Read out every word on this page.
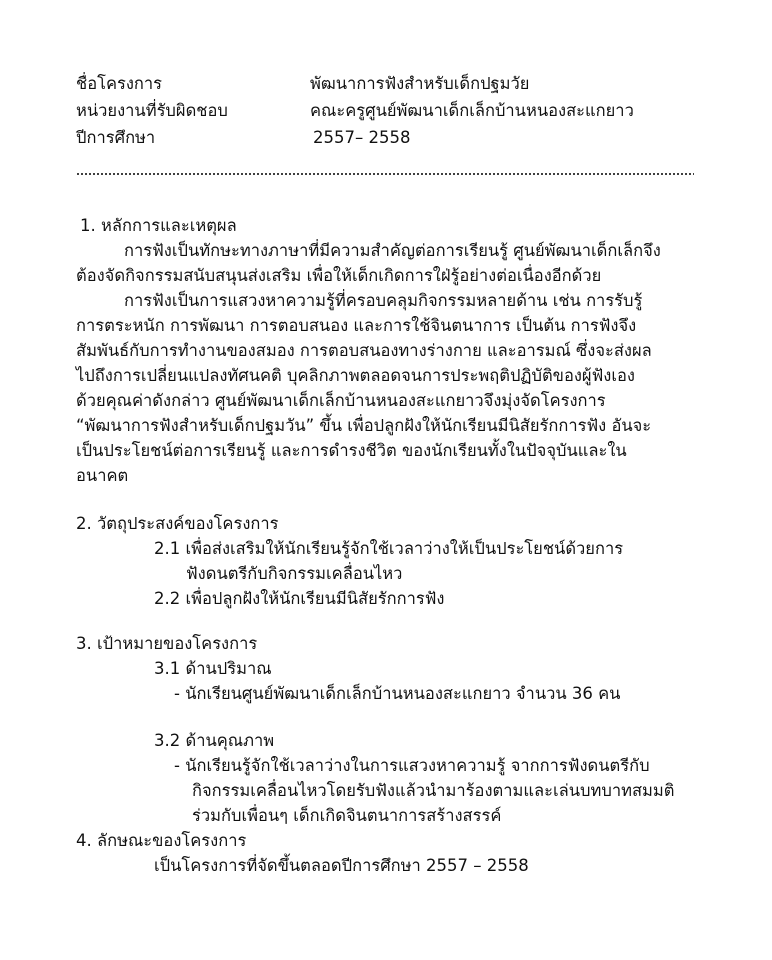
ชื่อโครงการ	พัฒนาการฟังสำหรับเด็กปฐมวัย
หน่วยงานที่รับผิดชอบ	คณะครูศูนย์พัฒนาเด็กเล็กบ้านหนองสะแกยาว
ปีการศึกษา	2557– 2558
1. หลักการและเหตุผล
การฟังเป็นทักษะทางภาษาที่มีความสำคัญต่อการเรียนรู้ ศูนย์พัฒนาเด็กเล็กจึง
ต้องจัดกิจกรรมสนับสนุนส่งเสริม เพื่อให้เด็กเกิดการใฝ่รู้อย่างต่อเนื่องอีกด้วย
การฟังเป็นการแสวงหาความรู้ที่ครอบคลุมกิจกรรมหลายด้าน เช่น การรับรู้
การตระหนัก การพัฒนา การตอบสนอง และการใช้จินตนาการ เป็นต้น การฟังจึง
สัมพันธ์กับการทำงานของสมอง การตอบสนองทางร่างกาย และอารมณ์ ซึ่งจะส่งผล
ไปถึงการเปลี่ยนแปลงทัศนคติ บุคลิกภาพตลอดจนการประพฤติปฏิบัติของผู้ฟังเอง
ด้วยคุณค่าดังกล่าว ศูนย์พัฒนาเด็กเล็กบ้านหนองสะแกยาวจึงมุ่งจัดโครงการ
“พัฒนาการฟังสำหรับเด็กปฐมวัน” ขึ้น เพื่อปลูกฝังให้นักเรียนมีนิสัยรักการฟัง อันจะ
เป็นประโยชน์ต่อการเรียนรู้ และการดำรงชีวิต ของนักเรียนทั้งในปัจจุบันและใน
อนาคต
2. วัตถุประสงค์ของโครงการ
2.1 เพื่อส่งเสริมให้นักเรียนรู้จักใช้เวลาว่างให้เป็นประโยชน์ด้วยการ
ฟังดนตรีกับกิจกรรมเคลื่อนไหว
2.2 เพื่อปลูกฝังให้นักเรียนมีนิสัยรักการฟัง
3. เป้าหมายของโครงการ
3.1 ด้านปริมาณ
- นักเรียนศูนย์พัฒนาเด็กเล็กบ้านหนองสะแกยาว จำนวน 36 คน
3.2 ด้านคุณภาพ
- นักเรียนรู้จักใช้เวลาว่างในการแสวงหาความรู้ จากการฟังดนตรีกับ
กิจกรรมเคลื่อนไหวโดยรับฟังแล้วนำมาร้องตามและเล่นบทบาทสมมติ
ร่วมกับเพื่อนๆ เด็กเกิดจินตนาการสร้างสรรค์
4. ลักษณะของโครงการ
เป็นโครงการที่จัดขึ้นตลอดปีการศึกษา 2557 – 2558
